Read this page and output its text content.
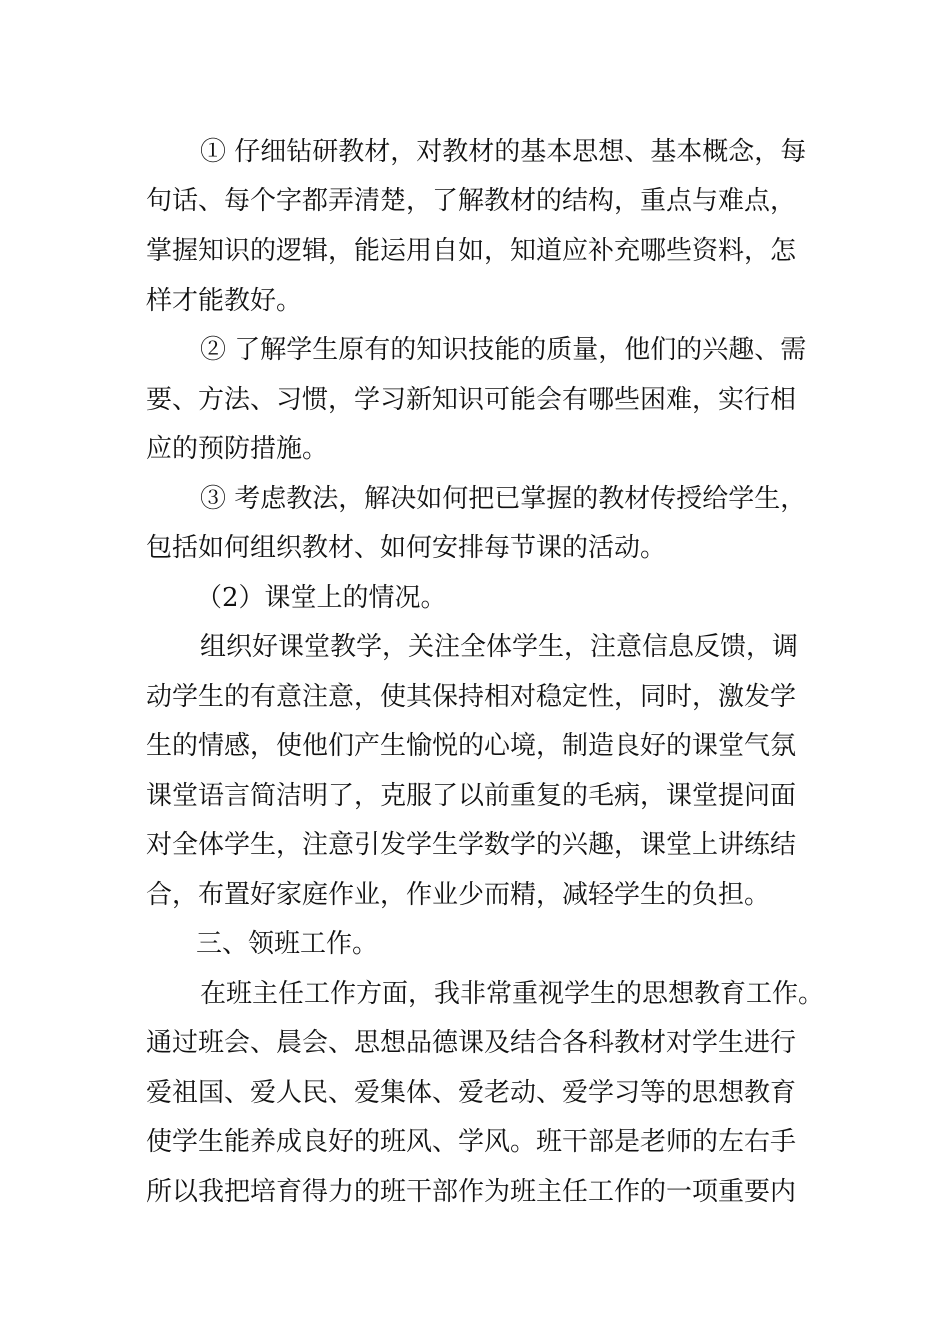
① 仔细钻研教材，对教材的基本思想、基本概念，每
句话、每个字都弄清楚，了解教材的结构，重点与难点，
掌握知识的逻辑，能运用自如，知道应补充哪些资料，怎
样才能教好。
② 了解学生原有的知识技能的质量，他们的兴趣、需
要、方法、习惯，学习新知识可能会有哪些困难，实行相
应的预防措施。
③ 考虑教法，解决如何把已掌握的教材传授给学生，
包括如何组织教材、如何安排每节课的活动。
（2）课堂上的情况。
组织好课堂教学，关注全体学生，注意信息反馈，调
动学生的有意注意，使其保持相对稳定性，同时，激发学
生的情感，使他们产生愉悦的心境，制造良好的课堂气氛
课堂语言简洁明了，克服了以前重复的毛病，课堂提问面
对全体学生，注意引发学生学数学的兴趣，课堂上讲练结
合，布置好家庭作业，作业少而精，减轻学生的负担。
三、领班工作。
在班主任工作方面，我非常重视学生的思想教育工作。
通过班会、晨会、思想品德课及结合各科教材对学生进行
爱祖国、爱人民、爱集体、爱老动、爱学习等的思想教育
使学生能养成良好的班风、学风。班干部是老师的左右手
所以我把培育得力的班干部作为班主任工作的一项重要内
